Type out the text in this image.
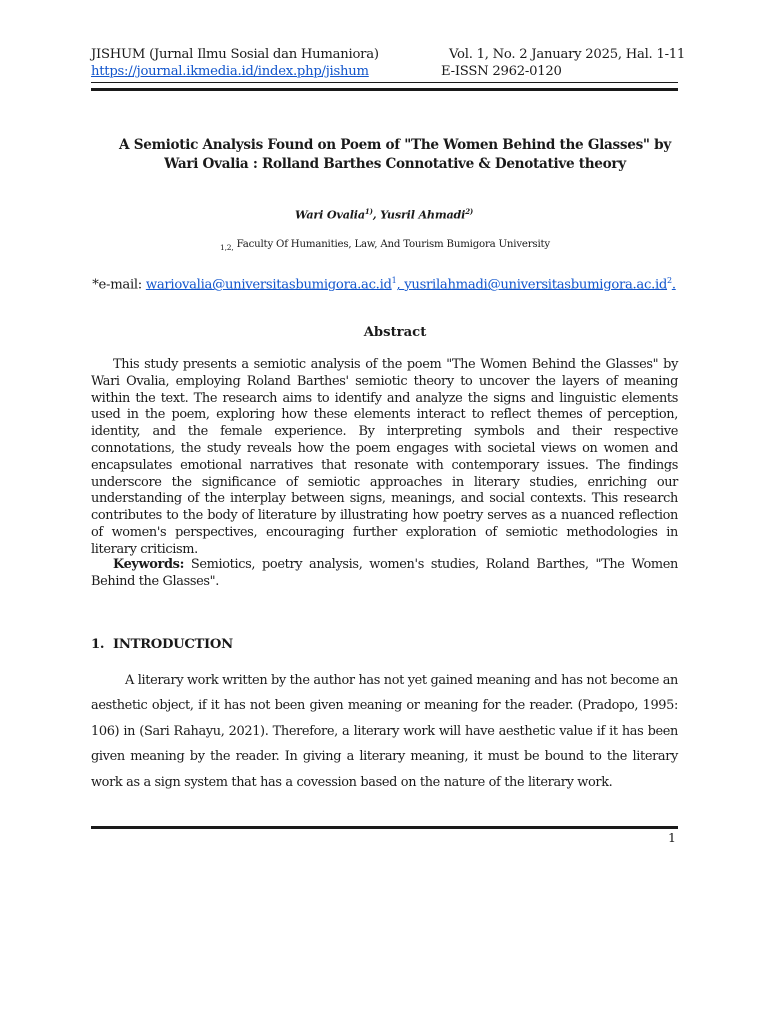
JISHUM (Jurnal Ilmu Sosial dan Humaniora)
https://journal.ikmedia.id/index.php/jishum
Vol. 1, No. 2 January 2025, Hal. 1-11
E-ISSN 2962-0120
A Semiotic Analysis Found on Poem of "The Women Behind the Glasses" by Wari Ovalia : Rolland Barthes Connotative & Denotative theory
Wari Ovalia$^{1)}$, Yusril Ahmadi$^{2)}$
$_{1,2,}$ Faculty Of Humanities, Law, And Tourism Bumigora University
*e-mail: $wariovalia@universitasbumigora.ac.id^1$, $yusrilahmadi@universitasbumigora.ac.id^2$.
Abstract
This study presents a semiotic analysis of the poem "The Women Behind the Glasses" by Wari Ovalia, employing Roland Barthes' semiotic theory to uncover the layers of meaning within the text. The research aims to identify and analyze the signs and linguistic elements used in the poem, exploring how these elements interact to reflect themes of perception, identity, and the female experience. By interpreting symbols and their respective connotations, the study reveals how the poem engages with societal views on women and encapsulates emotional narratives that resonate with contemporary issues. The findings underscore the significance of semiotic approaches in literary studies, enriching our understanding of the interplay between signs, meanings, and social contexts. This research contributes to the body of literature by illustrating how poetry serves as a nuanced reflection of women's perspectives, encouraging further exploration of semiotic methodologies in literary criticism.
Keywords: Semiotics, poetry analysis, women's studies, Roland Barthes, "The Women Behind the Glasses".
1. INTRODUCTION
A literary work written by the author has not yet gained meaning and has not become an aesthetic object, if it has not been given meaning or meaning for the reader. (Pradopo, 1995: 106) in (Sari Rahayu, 2021). Therefore, a literary work will have aesthetic value if it has been given meaning by the reader. In giving a literary meaning, it must be bound to the literary work as a sign system that has a covession based on the nature of the literary work.
1
